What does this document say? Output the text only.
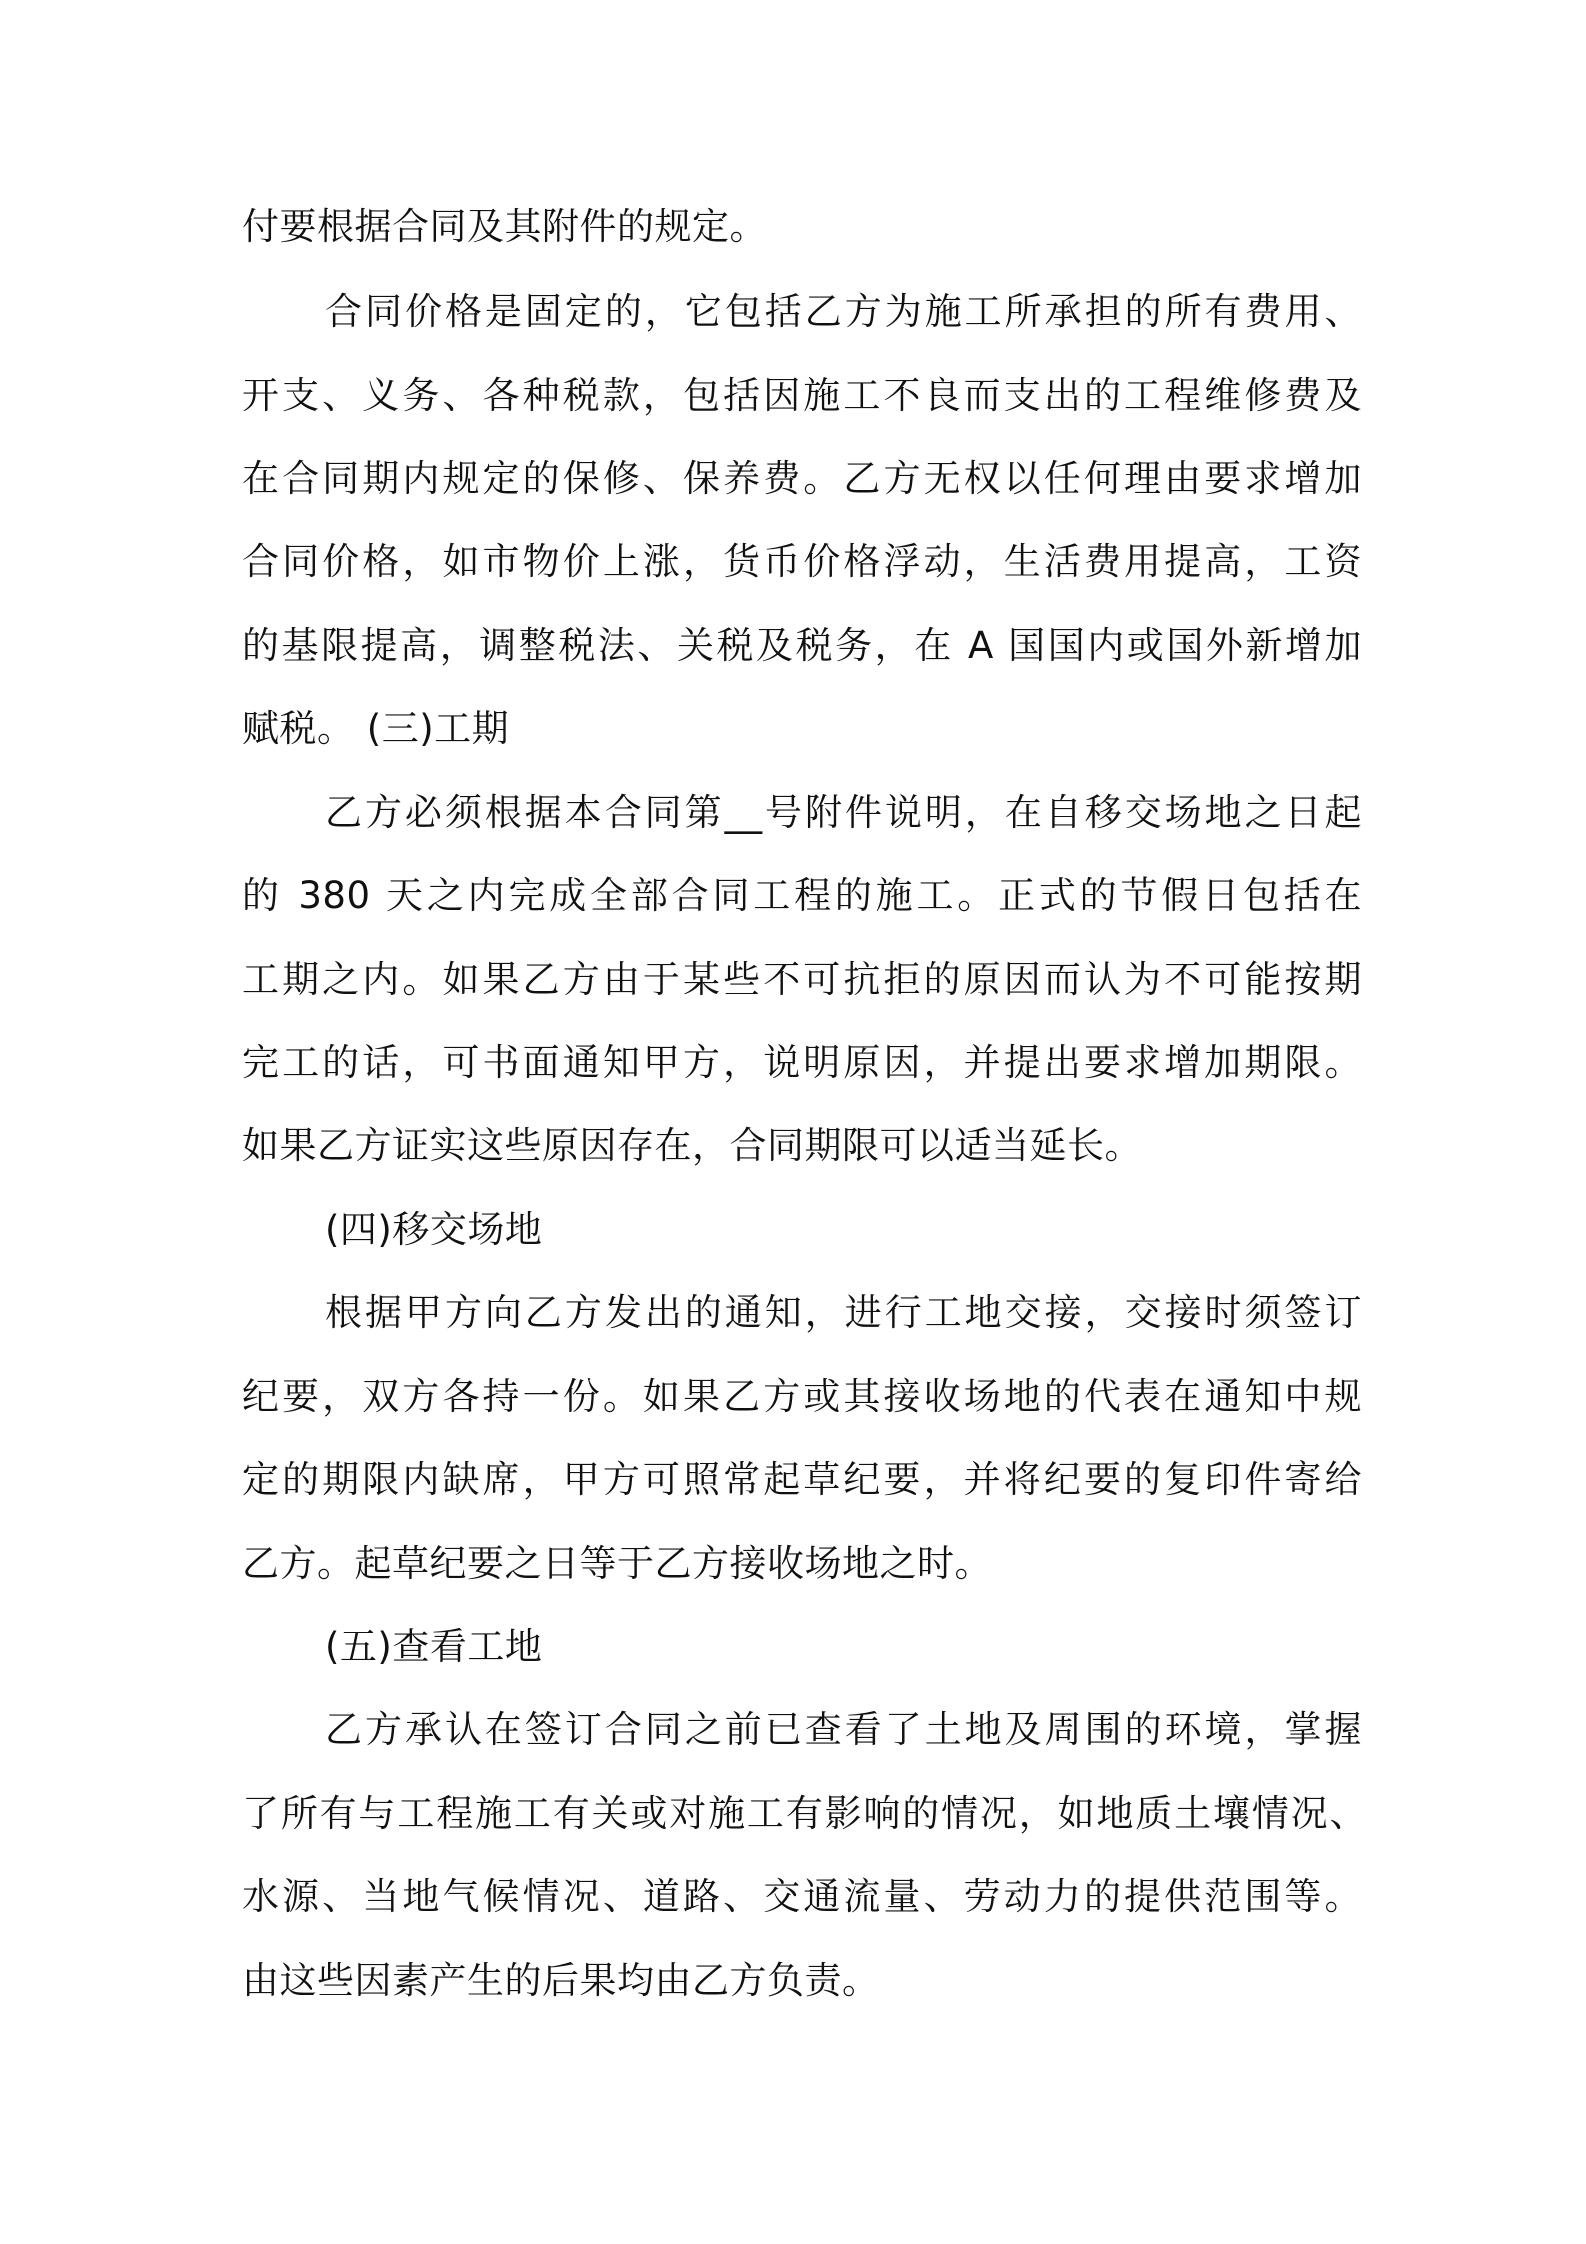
付要根据合同及其附件的规定。
合同价格是固定的，它包括乙方为施工所承担的所有费用、
开支、义务、各种税款，包括因施工不良而支出的工程维修费及
在合同期内规定的保修、保养费。乙方无权以任何理由要求增加
合同价格，如市物价上涨，货币价格浮动，生活费用提高，工资
的基限提高，调整税法、关税及税务，在 A 国国内或国外新增加
赋税。 (三)工期
乙方必须根据本合同第__号附件说明，在自移交场地之日起
的 380 天之内完成全部合同工程的施工。正式的节假日包括在
工期之内。如果乙方由于某些不可抗拒的原因而认为不可能按期
完工的话，可书面通知甲方，说明原因，并提出要求增加期限。
如果乙方证实这些原因存在，合同期限可以适当延长。
(四)移交场地
根据甲方向乙方发出的通知，进行工地交接，交接时须签订
纪要，双方各持一份。如果乙方或其接收场地的代表在通知中规
定的期限内缺席，甲方可照常起草纪要，并将纪要的复印件寄给
乙方。起草纪要之日等于乙方接收场地之时。
(五)查看工地
乙方承认在签订合同之前已查看了土地及周围的环境，掌握
了所有与工程施工有关或对施工有影响的情况，如地质土壤情况、
水源、当地气候情况、道路、交通流量、劳动力的提供范围等。
由这些因素产生的后果均由乙方负责。
